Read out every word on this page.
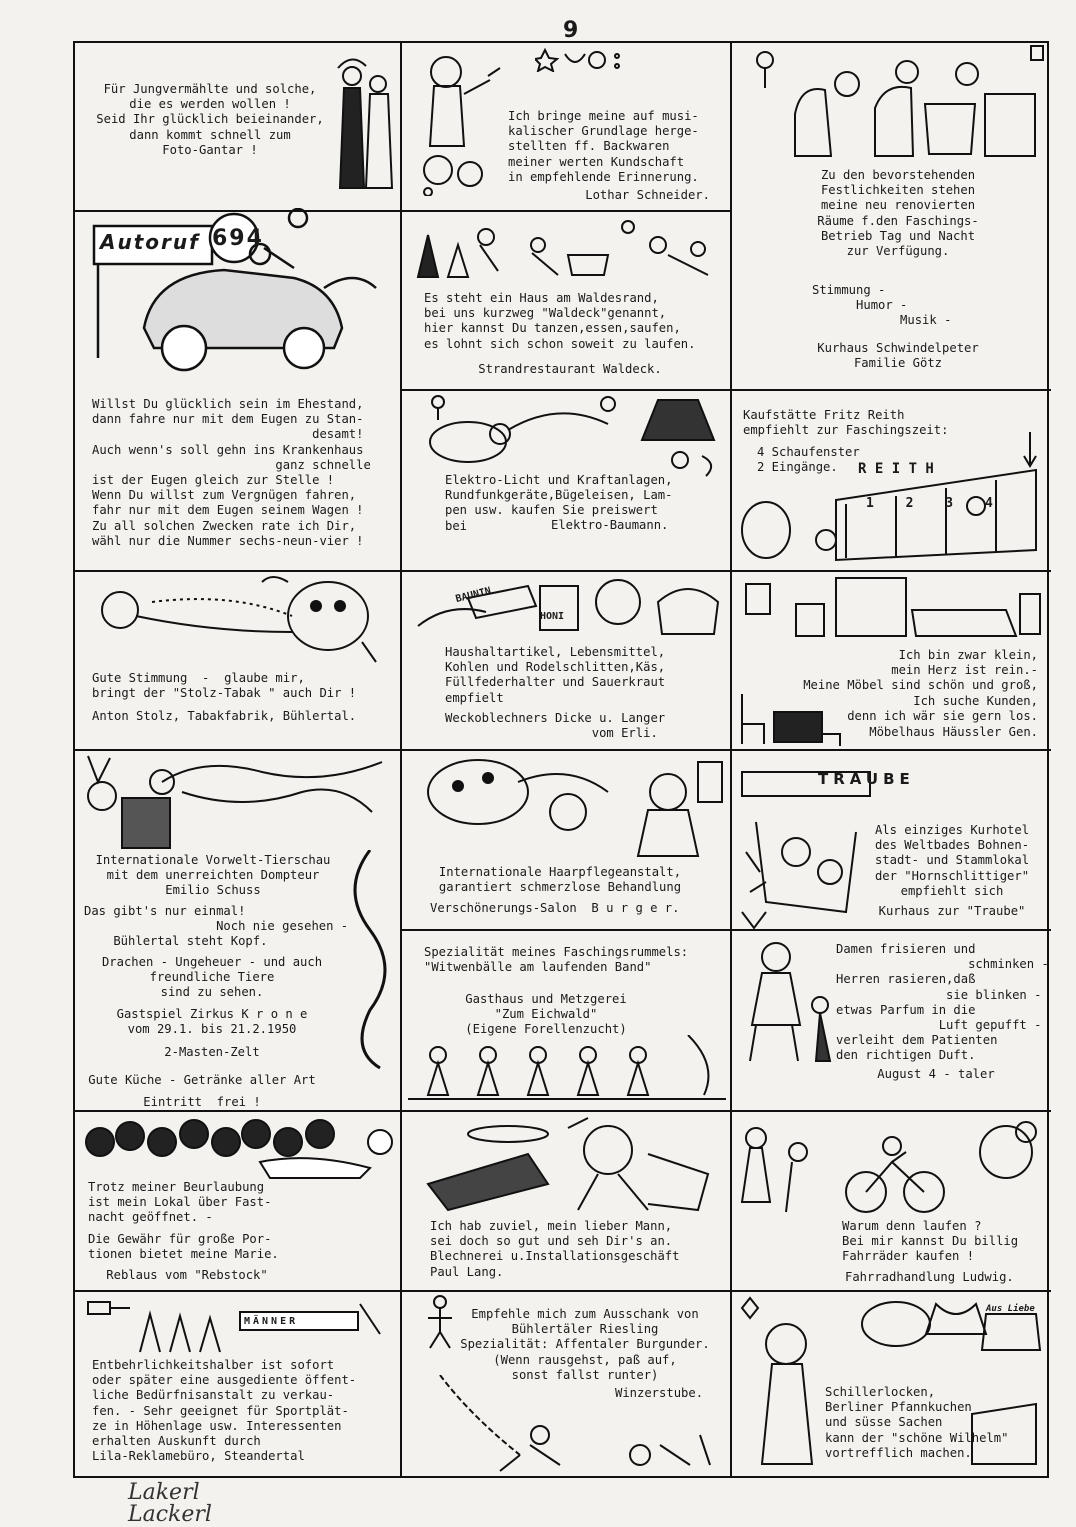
9
Für Jungvermählte und solche,
die es werden wollen !
Seid Ihr glücklich beieinander,
dann kommt schnell zum
Foto-Gantar !
Ich bringe meine auf musi-
kalischer Grundlage herge-
stellten ff. Backwaren
meiner werten Kundschaft
in empfehlende Erinnerung.
Lothar Schneider.
Zu den bevorstehenden
Festlichkeiten stehen
meine neu renovierten
Räume f.den Faschings-
Betrieb Tag und Nacht
zur Verfügung.
Stimmung -
Humor -
Musik -
Kurhaus Schwindelpeter
Familie Götz
Autoruf 694
Es steht ein Haus am Waldesrand,
bei uns kurzweg "Waldeck"genannt,
hier kannst Du tanzen,essen,saufen,
es lohnt sich schon soweit zu laufen.
Strandrestaurant Waldeck.
Willst Du glücklich sein im Ehestand,
dann fahre nur mit dem Eugen zu Stan-
desamt!
Auch wenn's soll gehn ins Krankenhaus
ganz schnelle
ist der Eugen gleich zur Stelle !
Wenn Du willst zum Vergnügen fahren,
fahr nur mit dem Eugen seinem Wagen !
Zu all solchen Zwecken rate ich Dir,
wähl nur die Nummer sechs-neun-vier !
Elektro-Licht und Kraftanlagen,
Rundfunkgeräte,Bügeleisen, Lam-
pen usw. kaufen Sie preiswert
bei	Elektro-Baumann.
Kaufstätte Fritz Reith
empfiehlt zur Faschingszeit:
4 Schaufenster
2 Eingänge.	R E I T H
1 2 3 4
Gute Stimmung  -  glaube mir,
bringt der "Stolz-Tabak " auch Dir !
Anton Stolz, Tabakfabrik, Bühlertal.
BAUNIN
HONI
Haushaltartikel, Lebensmittel,
Kohlen und Rodelschlitten,Käs,
Füllfederhalter und Sauerkraut
empfielt
Weckoblechners Dicke u. Langer
vom Erli.
Ich bin zwar klein,
mein Herz ist rein.-
Meine Möbel sind schön und groß,
Ich suche Kunden,
denn ich wär sie gern los.
Möbelhaus Häussler Gen.
Internationale Vorwelt-Tierschau
mit dem unerreichten Dompteur
Emilio Schuss
Das gibt's nur einmal!
Noch nie gesehen -
Bühlertal steht Kopf.
Drachen - Ungeheuer - und auch
freundliche Tiere
sind zu sehen.
Gastspiel Zirkus K r o n e
vom 29.1. bis 21.2.1950
2-Masten-Zelt
Gute Küche - Getränke aller Art
Eintritt  frei !
Internationale Haarpflegeanstalt,
garantiert schmerzlose Behandlung
Verschönerungs-Salon  B u r g e r.
TRAUBE
Als einziges Kurhotel
des Weltbades Bohnen-
stadt- und Stammlokal
der "Hornschlittiger"
empfiehlt sich
Kurhaus zur "Traube"
Spezialität meines Faschingsrummels:
"Witwenbälle am laufenden Band"
Gasthaus und Metzgerei
"Zum Eichwald"
(Eigene Forellenzucht)
Damen frisieren und
schminken -
Herren rasieren,daß
sie blinken -
etwas Parfum in die
Luft gepufft -
verleiht dem Patienten
den richtigen Duft.
August 4 - taler
Trotz meiner Beurlaubung
ist mein Lokal über Fast-
nacht geöffnet. -
Die Gewähr für große Por-
tionen bietet meine Marie.
Reblaus vom "Rebstock"
Ich hab zuviel, mein lieber Mann,
sei doch so gut und seh Dir's an.
Blechnerei u.Installationsgeschäft
Paul Lang.
Warum denn laufen ?
Bei mir kannst Du billig
Fahrräder kaufen !
Fahrradhandlung Ludwig.
MÄNNER
Entbehrlichkeitshalber ist sofort
oder später eine ausgediente öffent-
liche Bedürfnisanstalt zu verkau-
fen. - Sehr geeignet für Sportplät-
ze in Höhenlage usw. Interessenten
erhalten Auskunft durch
Lila-Reklamebüro, Steandertal
Empfehle mich zum Ausschank von
Bühlertäler Riesling
Spezialität: Affentaler Burgunder.
(Wenn rausgehst, paß auf,
sonst fallst runter)
Winzerstube.
Aus Liebe
Schillerlocken,
Berliner Pfannkuchen
und süsse Sachen
kann der "schöne Wilhelm"
vortrefflich machen.
Lakerl
Lackerl
